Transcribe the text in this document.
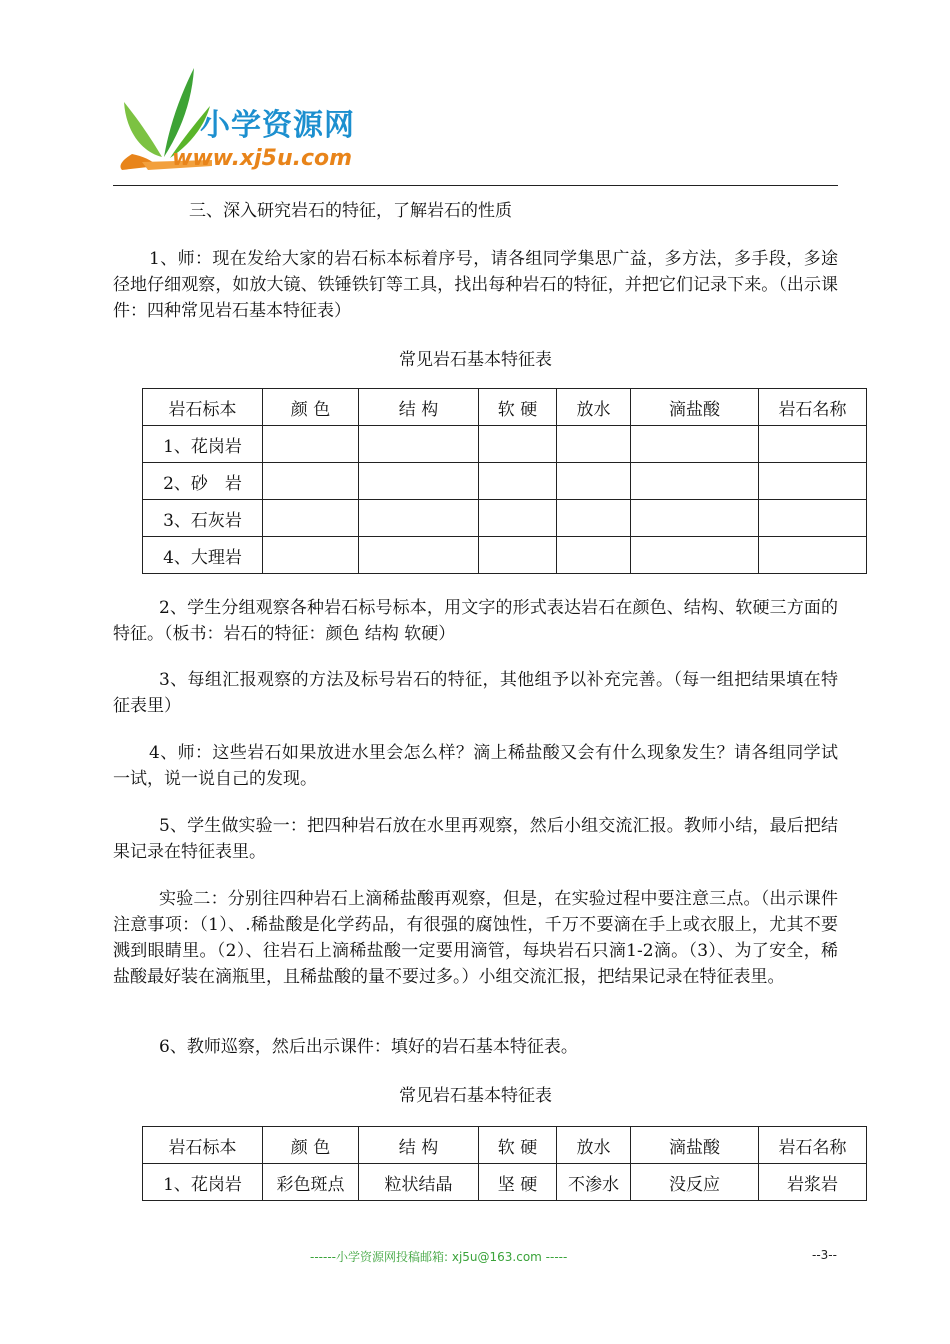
小学资源网
www.xj5u.com

三、深入研究岩石的特征，了解岩石的性质

1、师：现在发给大家的岩石标本标着序号，请各组同学集思广益，多方法，多手段，多途径地仔细观察，如放大镜、铁锤铁钉等工具，找出每种岩石的特征，并把它们记录下来。（出示课件：四种常见岩石基本特征表）

常见岩石基本特征表
岩石标本	颜 色	结 构	软 硬	放水	滴盐酸	岩石名称
1、花岗岩						
2、砂　岩						
3、石灰岩						
4、大理岩						

2、学生分组观察各种岩石标号标本，用文字的形式表达岩石在颜色、结构、软硬三方面的特征。（板书：岩石的特征：颜色 结构 软硬）

3、每组汇报观察的方法及标号岩石的特征，其他组予以补充完善。（每一组把结果填在特征表里）

4、师：这些岩石如果放进水里会怎么样？滴上稀盐酸又会有什么现象发生？请各组同学试一试，说一说自己的发现。

5、学生做实验一：把四种岩石放在水里再观察，然后小组交流汇报。教师小结，最后把结果记录在特征表里。

实验二：分别往四种岩石上滴稀盐酸再观察，但是，在实验过程中要注意三点。（出示课件注意事项：（1）、.稀盐酸是化学药品，有很强的腐蚀性，千万不要滴在手上或衣服上，尤其不要溅到眼睛里。（2）、往岩石上滴稀盐酸一定要用滴管，每块岩石只滴1-2滴。（3）、为了安全，稀盐酸最好装在滴瓶里，且稀盐酸的量不要过多。）小组交流汇报，把结果记录在特征表里。

6、教师巡察，然后出示课件：填好的岩石基本特征表。

常见岩石基本特征表
岩石标本	颜 色	结 构	软 硬	放水	滴盐酸	岩石名称
1、花岗岩	彩色斑点	粒状结晶	坚 硬	不渗水	没反应	岩浆岩
------小学资源网投稿邮箱: xj5u@163.com -----	--3--
